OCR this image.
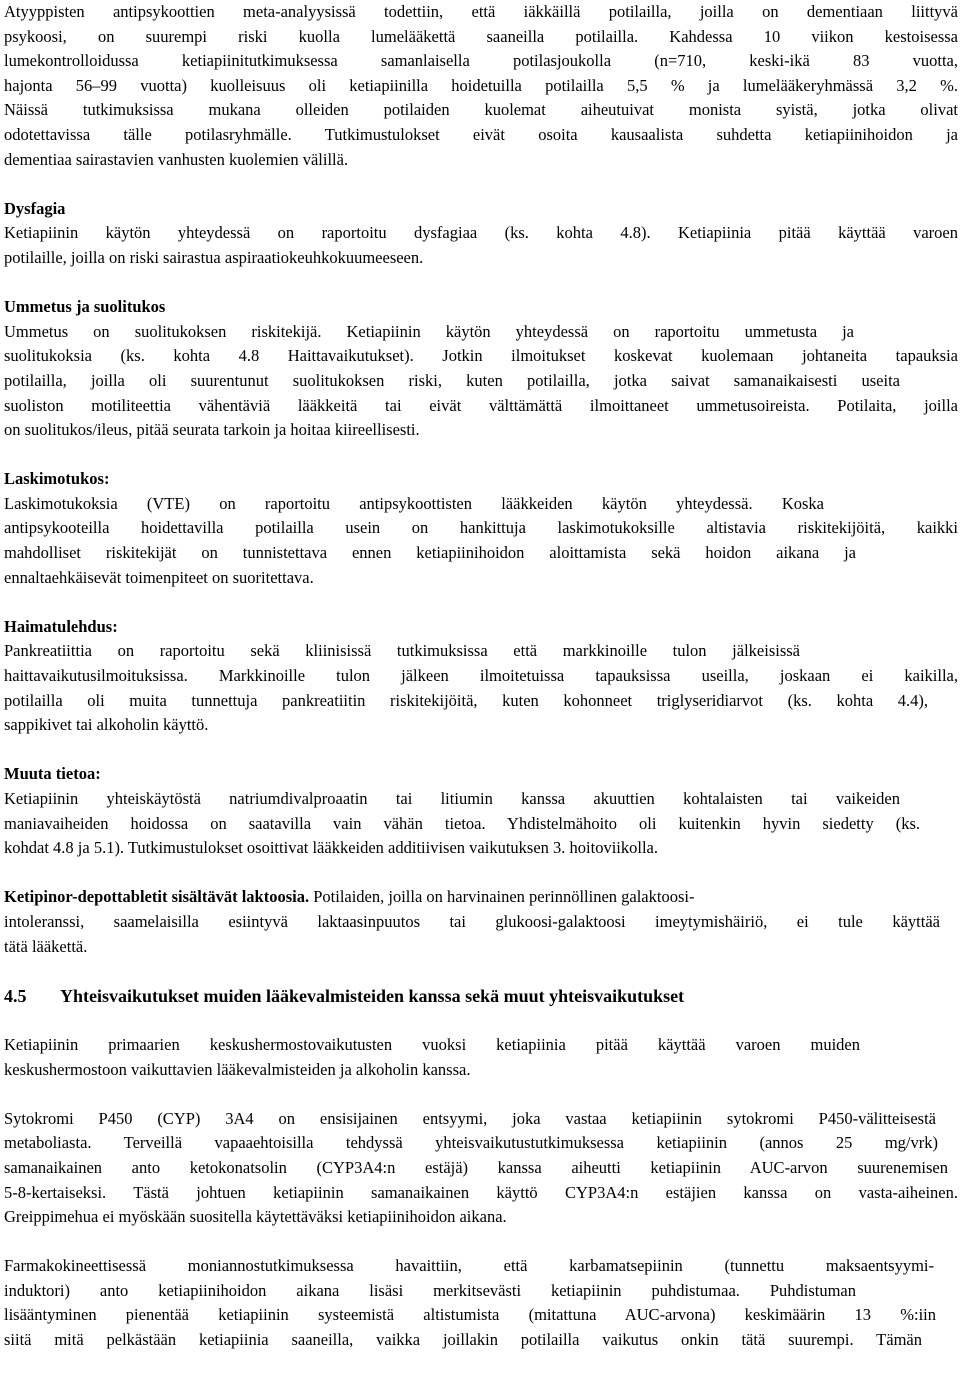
Atyyppisten antipsykoottien meta-analyysissä todettiin, että iäkkäillä potilailla, joilla on dementiaan liittyvä
psykoosi, on suurempi riski kuolla lumelääkettä saaneilla potilailla. Kahdessa 10 viikon kestoisessa
lumekontrolloidussa ketiapiinitutkimuksessa samanlaisella potilasjoukolla (n=710, keski-ikä 83 vuotta,
hajonta 56–99 vuotta) kuolleisuus oli ketiapiinilla hoidetuilla potilailla 5,5 % ja lumelääkeryhmässä 3,2 %.
Näissä tutkimuksissa mukana olleiden potilaiden kuolemat aiheutuivat monista syistä, jotka olivat
odotettavissa tälle potilasryhmälle. Tutkimustulokset eivät osoita kausaalista suhdetta ketiapiinihoidon ja
dementiaa sairastavien vanhusten kuolemien välillä.
Dysfagia
Ketiapiinin käytön yhteydessä on raportoitu dysfagiaa (ks. kohta 4.8). Ketiapiinia pitää käyttää varoen
potilaille, joilla on riski sairastua aspiraatiokeuhkokuumeeseen.
Ummetus ja suolitukos
Ummetus on suolitukoksen riskitekijä. Ketiapiinin käytön yhteydessä on raportoitu ummetusta ja
suolitukoksia (ks. kohta 4.8 Haittavaikutukset). Jotkin ilmoitukset koskevat kuolemaan johtaneita tapauksia
potilailla, joilla oli suurentunut suolitukoksen riski, kuten potilailla, jotka saivat samanaikaisesti useita
suoliston motiliteettia vähentäviä lääkkeitä tai eivät välttämättä ilmoittaneet ummetusoireista. Potilaita, joilla
on suolitukos/ileus, pitää seurata tarkoin ja hoitaa kiireellisesti.
Laskimotukos:
Laskimotukoksia (VTE) on raportoitu antipsykoottisten lääkkeiden käytön yhteydessä. Koska
antipsykooteilla hoidettavilla potilailla usein on hankittuja laskimotukoksille altistavia riskitekijöitä, kaikki
mahdolliset riskitekijät on tunnistettava ennen ketiapiinihoidon aloittamista sekä hoidon aikana ja
ennaltaehkäisevät toimenpiteet on suoritettava.
Haimatulehdus:
Pankreatiittia on raportoitu sekä kliinisissä tutkimuksissa että markkinoille tulon jälkeisissä
haittavaikutusilmoituksissa. Markkinoille tulon jälkeen ilmoitetuissa tapauksissa useilla, joskaan ei kaikilla,
potilailla oli muita tunnettuja pankreatiitin riskitekijöitä, kuten kohonneet triglyseridiarvot (ks. kohta 4.4),
sappikivet tai alkoholin käyttö.
Muuta tietoa:
Ketiapiinin yhteiskäytöstä natriumdivalproaatin tai litiumin kanssa akuuttien kohtalaisten tai vaikeiden
maniavaiheiden hoidossa on saatavilla vain vähän tietoa. Yhdistelmähoito oli kuitenkin hyvin siedetty (ks.
kohdat 4.8 ja 5.1). Tutkimustulokset osoittivat lääkkeiden additiivisen vaikutuksen 3. hoitoviikolla.
Ketipinor-depottabletit sisältävät laktoosia. Potilaiden, joilla on harvinainen perinnöllinen galaktoosi-
intoleranssi, saamelaisilla esiintyvä laktaasinpuutos tai glukoosi-galaktoosi imeytymishäiriö, ei tule käyttää
tätä lääkettä.
4.5 Yhteisvaikutukset muiden lääkevalmisteiden kanssa sekä muut yhteisvaikutukset
Ketiapiinin primaarien keskushermostovaikutusten vuoksi ketiapiinia pitää käyttää varoen muiden
keskushermostoon vaikuttavien lääkevalmisteiden ja alkoholin kanssa.
Sytokromi P450 (CYP) 3A4 on ensisijainen entsyymi, joka vastaa ketiapiinin sytokromi P450-välitteisestä
metaboliasta. Terveillä vapaaehtoisilla tehdyssä yhteisvaikutustutkimuksessa ketiapiinin (annos 25 mg/vrk)
samanaikainen anto ketokonatsolin (CYP3A4:n estäjä) kanssa aiheutti ketiapiinin AUC-arvon suurenemisen
5-8-kertaiseksi. Tästä johtuen ketiapiinin samanaikainen käyttö CYP3A4:n estäjien kanssa on vasta-aiheinen.
Greippimehua ei myöskään suositella käytettäväksi ketiapiinihoidon aikana.
Farmakokineettisessä moniannostutkimuksessa havaittiin, että karbamatsepiinin (tunnettu maksaentsyymi-
induktori) anto ketiapiinihoidon aikana lisäsi merkitsevästi ketiapiinin puhdistumaa. Puhdistuman
lisääntyminen pienentää ketiapiinin systeemistä altistumista (mitattuna AUC-arvona) keskimäärin 13 %:iin
siitä mitä pelkästään ketiapiinia saaneilla, vaikka joillakin potilailla vaikutus onkin tätä suurempi. Tämän
